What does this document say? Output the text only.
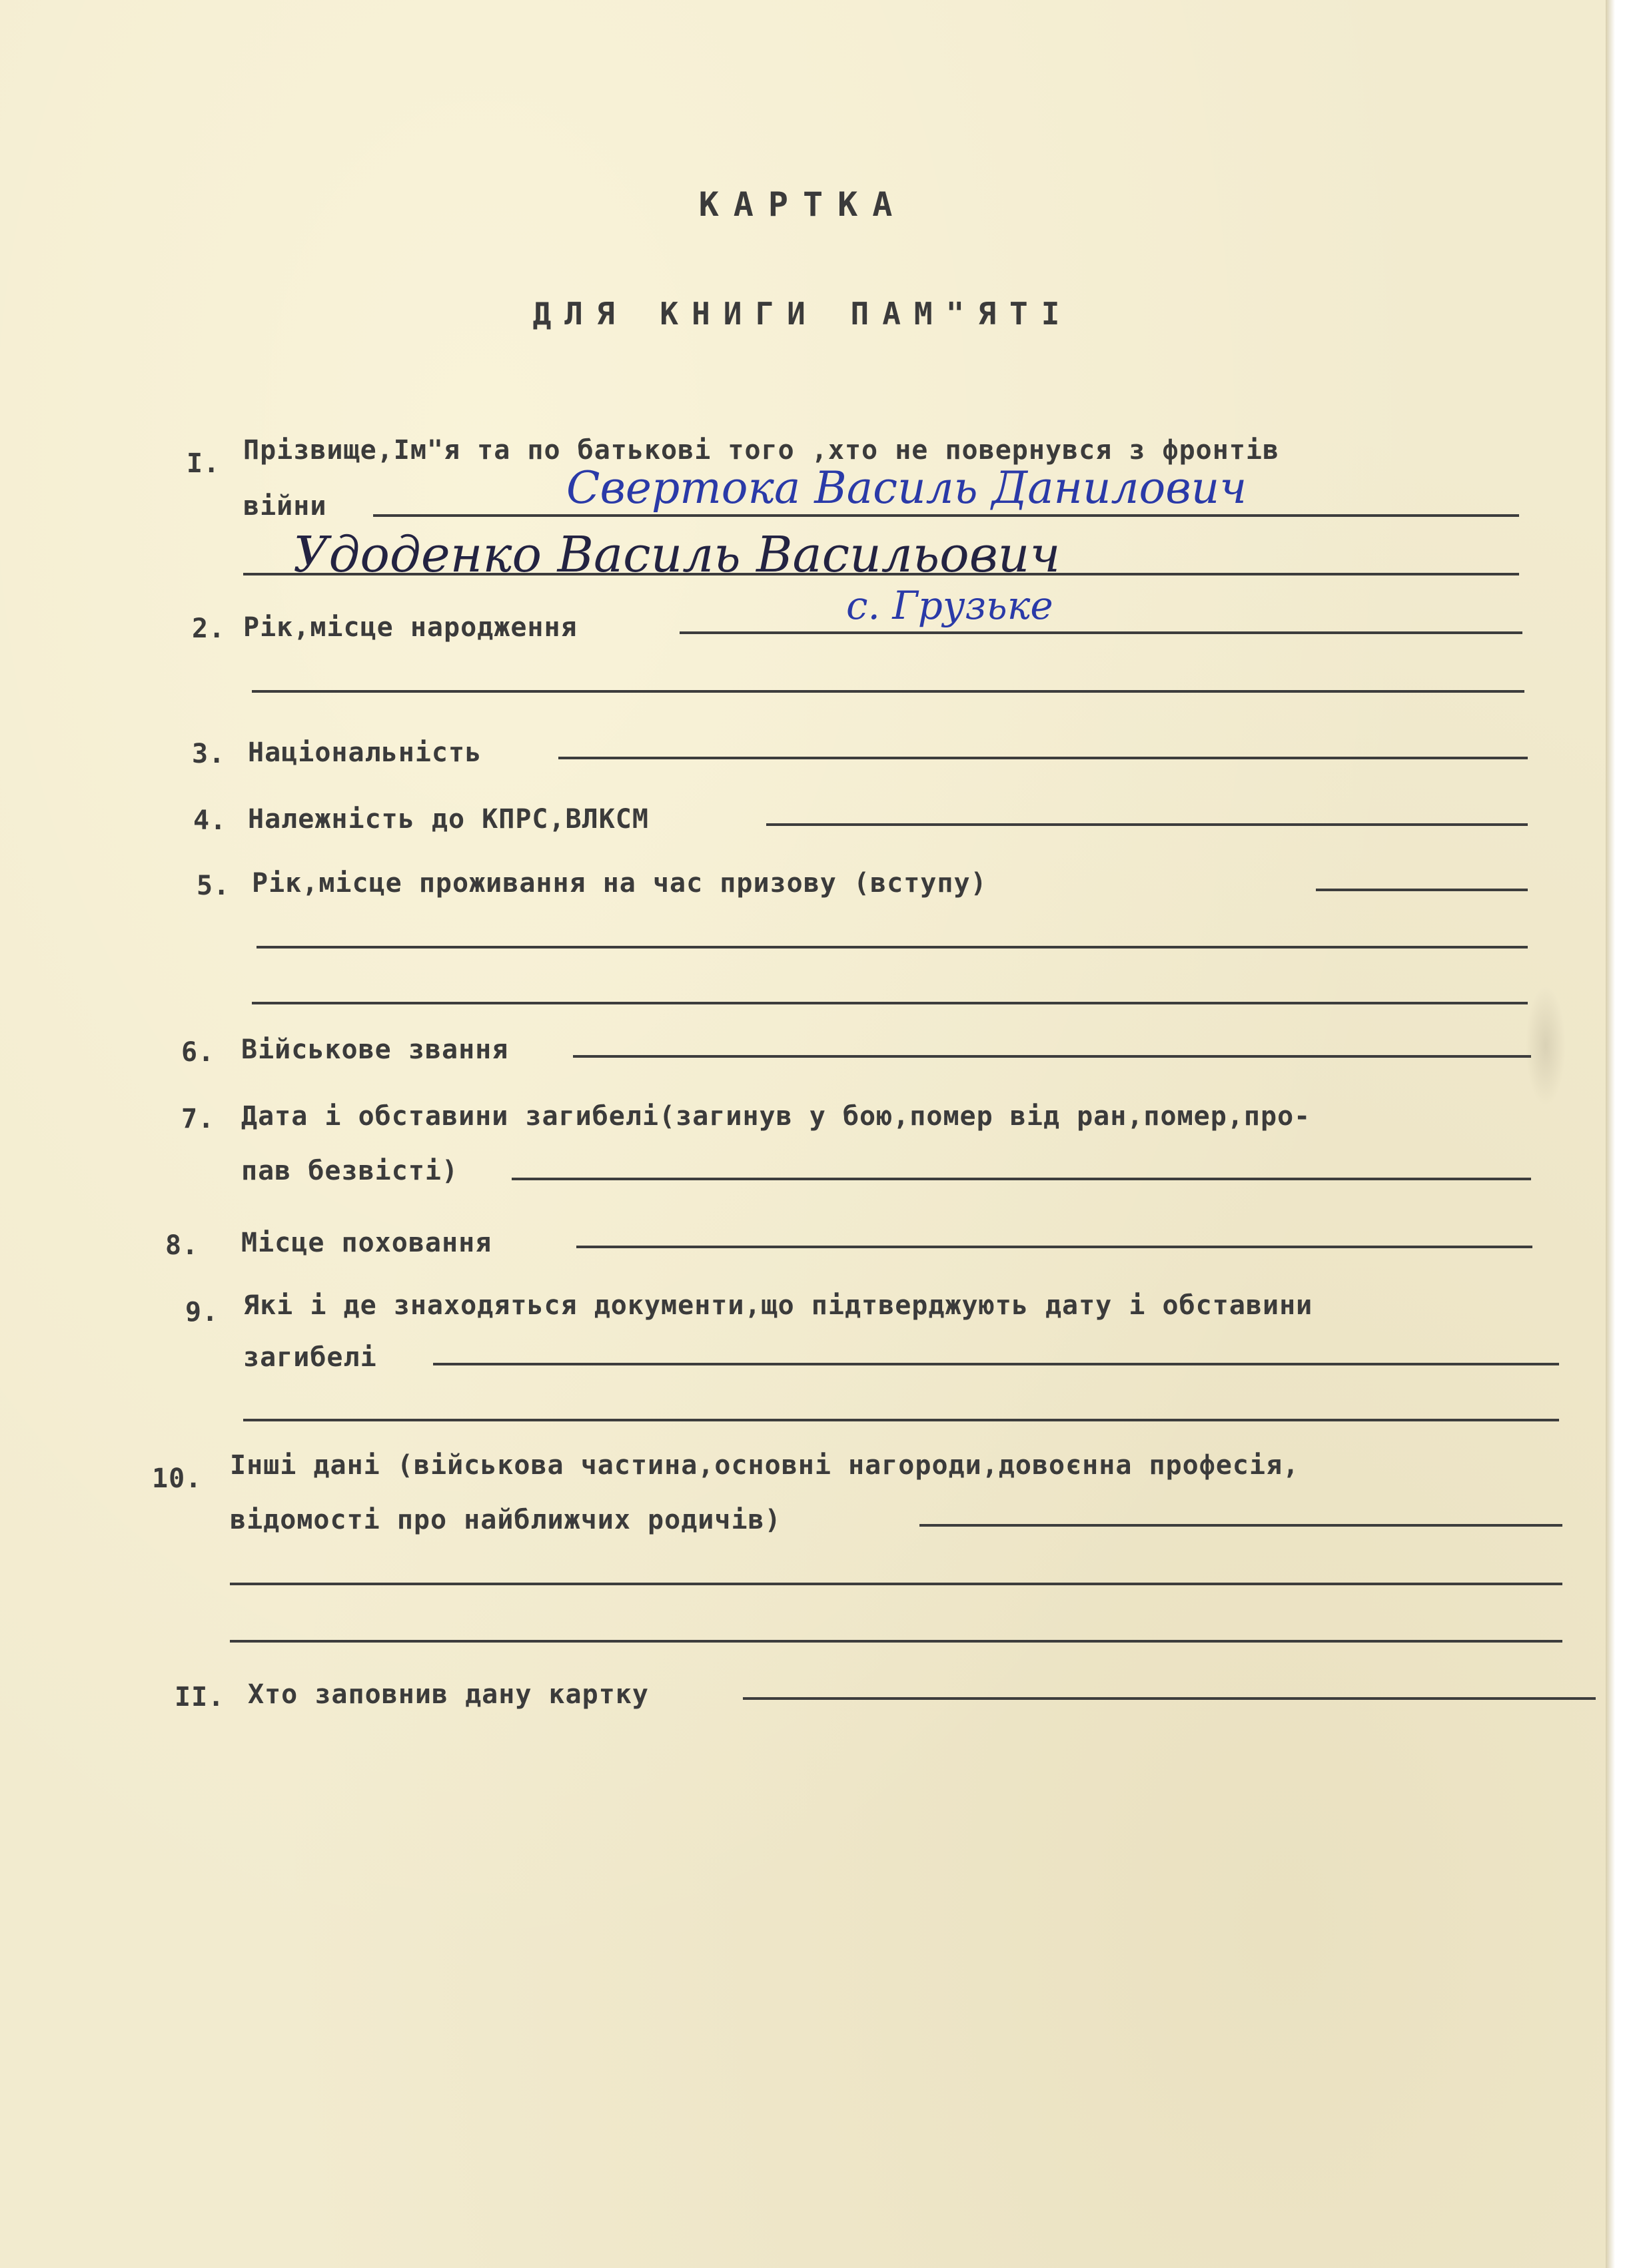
КАРТКА
ДЛЯ КНИГИ ПАМ"ЯТІ
I. Прізвище,Ім"я та по батькові того ,хто не повернувся з фронтів
війни	Свертока Василь Данилович
Удоденко Василь Васильович
2. Рік,місце народження	с. Грузьке
3. Національність
4. Належність до КПРС,ВЛКСМ
5. Рік,місце проживання на час призову (вступу)
6. Військове звання
7. Дата і обставини загибелі(загинув у бою,помер від ран,помер,про-
пав безвісті)
8. Місце поховання
9. Які і де знаходяться документи,що підтверджують дату і обставини
загибелі
10. Інші дані (військова частина,основні нагороди,довоєнна професія,
відомості про найближчих родичів)
II. Хто заповнив дану картку
